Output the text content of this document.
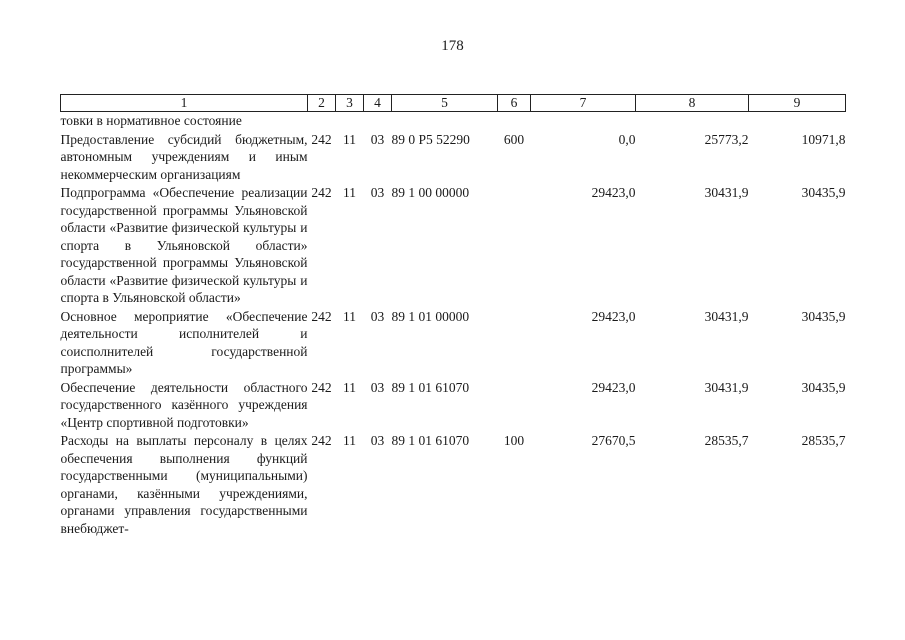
178
1	2	3	4	5	6	7	8	9
товки в нормативное состояние								
Предоставление субсидий бюджетным, автономным учреждениям и иным некоммерческим организациям	242	11	03	89 0 P5 52290	600	0,0	25773,2	10971,8
Подпрограмма «Обеспечение реализации государственной программы Ульяновской области «Развитие физической культуры и спорта в Ульяновской области» государственной программы Ульяновской области «Развитие физической культуры и спорта в Ульяновской области»	242	11	03	89 1 00 00000		29423,0	30431,9	30435,9
Основное мероприятие «Обеспечение деятельности исполнителей и соисполнителей государственной программы»	242	11	03	89 1 01 00000		29423,0	30431,9	30435,9
Обеспечение деятельности областного государственного казённого учреждения «Центр спортивной подготовки»	242	11	03	89 1 01 61070		29423,0	30431,9	30435,9
Расходы на выплаты персоналу в целях обеспечения выполнения функций государственными (муниципальными) органами, казёнными учреждениями, органами управления государственными внебюджет-	242	11	03	89 1 01 61070	100	27670,5	28535,7	28535,7
